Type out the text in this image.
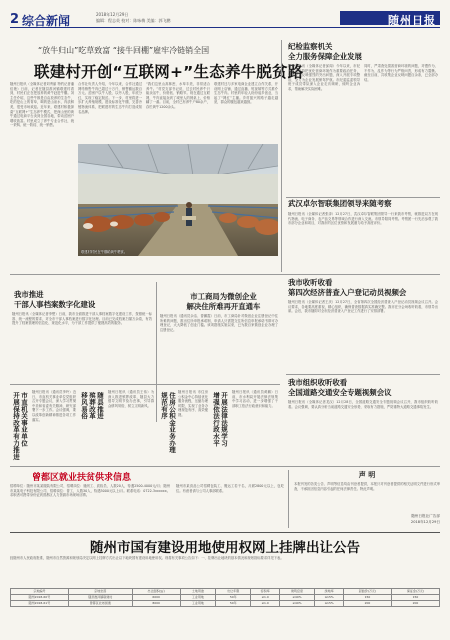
2 综合新闻	2018年12月29日
编辑：程志英 校对：陈咏梅 美编：郭飞鹏	随州日报
“放牛归山”吃草致富 “接牛回棚”雇牢冷链销全国
联建村开创“互联网+”生态养牛脱贫路
随州日报讯（全媒体记者刘秀丽 特约记者潘佳艳）日前，记者在随县淮河镇联建村看到，村民们正在把放养的黄牛赶进牛棚。刘主任介绍，这些牛都是自由放养的生态牛，吃的是山上的青草，喝的是山泉水，肉质鲜美，很受市场欢迎。近年来，联建村积极探索“互联网+”生态养牛模式，把深山里的黄牛通过电商平台卖到全国各地，带动贫困户增收致富。村里成立了养牛专业合作社，统一采购、统一防疫、统一销售。
合作社负责人介绍，今年以来，合作社通过网络销售牛肉已超过十万斤，销售额达数百万元。贫困户以牛入股、以劳入股，年底分红，实现了稳定脱贫。下一步，村里将进一步扩大养殖规模，建设标准化牛棚，完善冷链物流体系，把联建村的生态牛肉打造成知名品牌。
“我们这里山高林密，水草丰美，非常适合养牛。”村党支部书记说，过去村民养牛只能卖活牛，价格低、销路窄。现在通过互联网，牛肉直接卖到了城里人的餐桌上，价格翻了一番。目前，全村已有养牛户80余户，存栏黄牛1200余头。
联建村还与多家电商企业建立合作关系，开设网上店铺，通过直播、短视频等方式推介生态牛肉。村里的年轻人纷纷返乡创业，当起了“网红”主播。乡村振兴的路子越走越宽，群众的腰包越来越鼓。
联建村村民在牛棚给黄牛喂食。
纪检监察机关
全力服务保障企业发展
随州日报讯（全媒体记者邱闻）今年以来，市纪委监委坚持把优化营商环境作为重要政治任务，聚焦企业反映强烈的突出问题，深入开展专项整治，全力为企业发展保驾护航。市纪委监委领导班子成员带队深入企业走访调研，倾听企业诉求，帮助解决实际困难。
同时，严肃查处损害营商环境的问题，对慢作为、不作为、乱作为等行为严格问责，形成有力震慑。截至目前，共收集企业反映问题百余条，已全部办结。
武汉卓尔智联集团领导来随考察
随州日报讯（全媒体记者张泽）12月27日，武汉卓尔智联集团领导一行来我市考察，就推进双方在现代物流、电子商务、农产品交易等领域合作进行深入交流。市领导陪同考察。考察团一行先后参观了我市部分企业和项目，对我市的区位优势和发展潜力给予高度评价。
我市收听收看
第四次经济普查入户登记动员视频会
随州日报讯（全媒体记者王庆）12月27日，全省第四次全国经济普查入户登记动员视频会议召开。会议要求，各地要高度重视，精心组织，确保普查数据真实准确完整。我市在分会场收听收看，市领导出席。会后，我市随即对全市经济普查入户登记工作进行了安排部署。
我市组织收听收看
全国道路交通安全专题视频会议
随州日报讯（全媒体记者龙汉）12月28日，全国道路交通安全专题视频会议召开，我市组织收听收看。会议强调，要认真分析当前道路交通安全形势，采取有力措施，严防重特大道路交通事故发生。
我市推进
干部人事档案数字化建设
随州日报讯（全媒体记者李想）日前，我市全面推进干部人事档案数字化建设工作，按照统一标准、统一流程的要求，对全市干部人事档案进行数字化处理。目前已完成档案扫描万余卷，有效提升了档案管理的信息化、规范化水平，为干部工作提供了便捷高效的服务。
市工商局为微创企业
解决住所难再开直通车
随州日报讯（通讯员余洁、曾鹏霞）日前，市工商局针对微创企业注册登记中住所难的问题，推出住所申报承诺制，申请人只需提交住所信息申报承诺书即可办理登记，大大降低了创业门槛。该项措施实施以来，已为数百家微创企业办理了注册登记。
市直机关事业单位
开展保持改革有力推进	随州日报讯（通讯员李玲）近日，市直机关事业单位党组织召开专题会议，深入学习贯彻中央和省委有关精神，研究部署下一步工作。会议强调，要以改革创新精神推进各项工作落实。
随县推进
殡葬改革
移风易俗	随州日报讯（通讯员王伟）为深入推进殡葬改革，随县大力倡导文明节俭办丧事，引导群众移风易俗，树立文明新风。	住房公积金业务办理
规范有序	随州日报讯 市住房公积金中心持续优化服务流程，压缩办理时限，实现了业务办理规范有序、高效便捷。	开展法律法规学习
增强依法行政水平	随州日报讯（通讯员黄鹏）日前，市水利局开展法律法规集中学习活动，进一步增强了干部职工依法行政意识和能力。
曾都区就业扶贫供求信息
招聘单位：随州市某某服装有限公司，招聘岗位：缝纫工、质检员，人数20人，待遇2500-4000元/月；随州市某某电子科技有限公司，招聘岗位：普工，人数30人，待遇3000元以上/月。联系电话：0722-3xxxxxx。求职者可携带身份证到曾都区人力资源市场现场应聘。
随州市某食品公司招聘包装工、搬运工若干名，月薪2800元以上，包吃住。有意者请与公司人事部联系。
声 明
本报刊发的各类公告、声明等信息均由刊登者提供，本报只对刊登者提供的相关证明文件进行形式审查，不承担因信息内容引起的任何法律责任。特此声明。
随州日报社广告部
2018年12月29日
随州市国有建设用地使用权网上挂牌出让公告
经随州市人民政府批准，随州市自然资源和规划局决定以网上挂牌方式出让以下地块国有建设用地使用权。现将有关事项公告如下：一、挂牌出让地块的基本情况和规划指标要求详见下表。
宗地编号	宗地坐落	出让面积(㎡)	土地用途	出让年限	容积率	建筑密度	绿地率	起始价(万元)	保证金(万元)
随州2018-60号	随县淮河镇联建村	6000	工业用地	50年	≥1.0	≥40%	≤15%	150	150
随州2018-61号	曾都区北郊街道	8000	工业用地	50年	≥1.0	≥40%	≤15%	200	200
